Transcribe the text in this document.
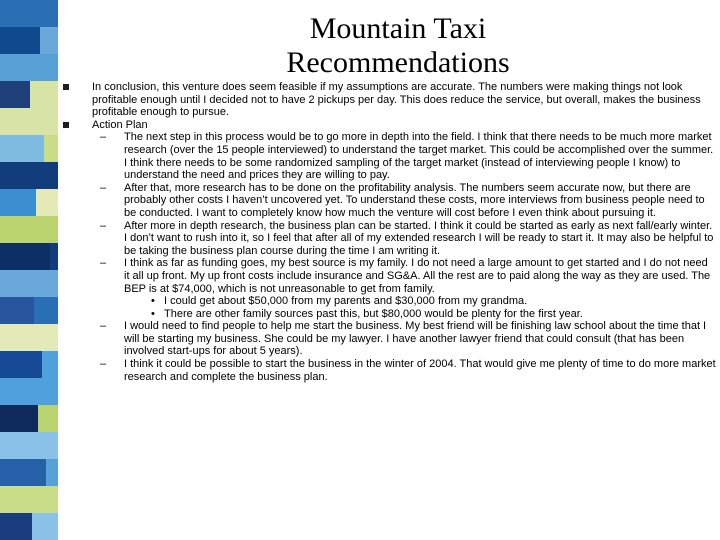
Mountain Taxi Recommendations
In conclusion, this venture does seem feasible if my assumptions are accurate. The numbers were making things not look profitable enough until I decided not to have 2 pickups per day. This does reduce the service, but overall, makes the business profitable enough to pursue.
Action Plan
– The next step in this process would be to go more in depth into the field. I think that there needs to be much more market research (over the 15 people interviewed) to understand the target market. This could be accomplished over the summer. I think there needs to be some randomized sampling of the target market (instead of interviewing people I know) to understand the need and prices they are willing to pay.
– After that, more research has to be done on the profitability analysis. The numbers seem accurate now, but there are probably other costs I haven’t uncovered yet. To understand these costs, more interviews from business people need to be conducted. I want to completely know how much the venture will cost before I even think about pursuing it.
– After more in depth research, the business plan can be started. I think it could be started as early as next fall/early winter. I don’t want to rush into it, so I feel that after all of my extended research I will be ready to start it. It may also be helpful to be taking the business plan course during the time I am writing it.
– I think as far as funding goes, my best source is my family. I do not need a large amount to get started and I do not need it all up front. My up front costs include insurance and SG&A. All the rest are to paid along the way as they are used. The BEP is at $74,000, which is not unreasonable to get from family.
• I could get about $50,000 from my parents and $30,000 from my grandma.
• There are other family sources past this, but $80,000 would be plenty for the first year.
– I would need to find people to help me start the business. My best friend will be finishing law school about the time that I will be starting my business. She could be my lawyer. I have another lawyer friend that could consult (that has been involved start-ups for about 5 years).
– I think it could be possible to start the business in the winter of 2004. That would give me plenty of time to do more market research and complete the business plan.
